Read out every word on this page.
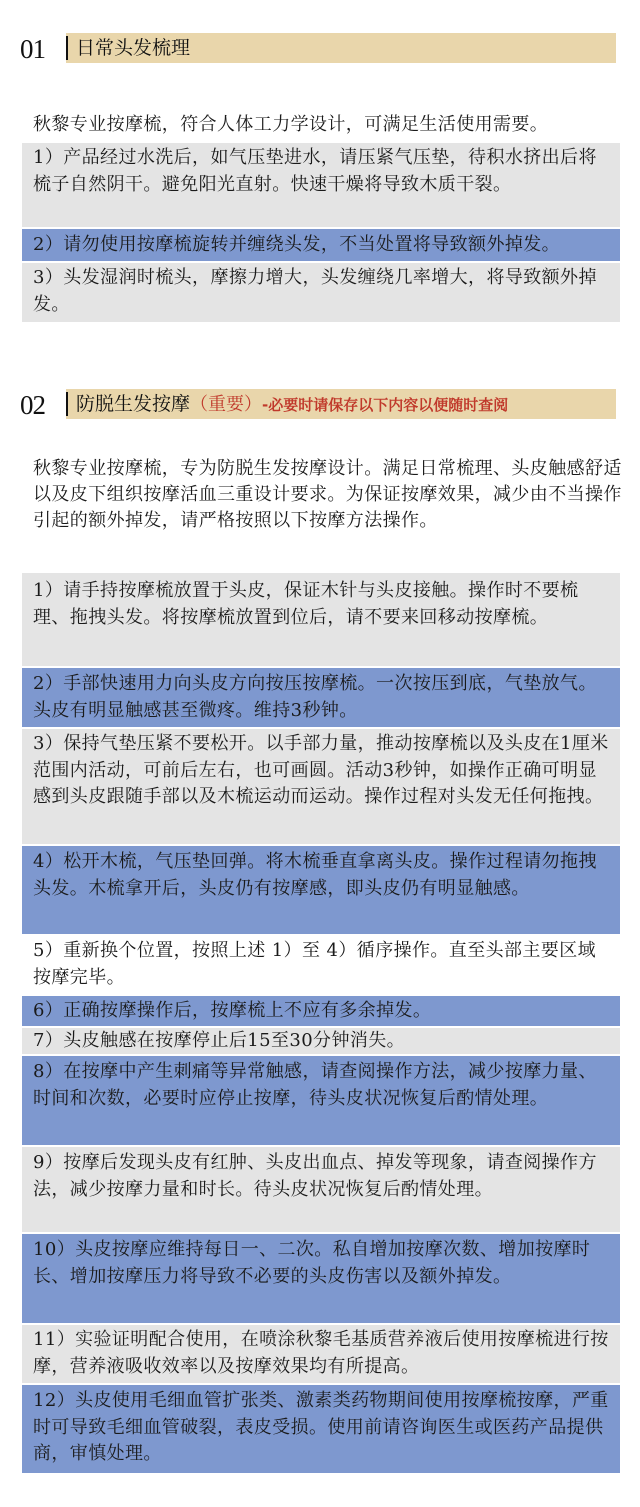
01 日常头发梳理
秋黎专业按摩梳，符合人体工力学设计，可满足生活使用需要。
1）产品经过水洗后，如气压垫进水，请压紧气压垫，待积水挤出后将梳子自然阴干。避免阳光直射。快速干燥将导致木质干裂。
2）请勿使用按摩梳旋转并缠绕头发，不当处置将导致额外掉发。
3）头发湿润时梳头，摩擦力增大，头发缠绕几率增大，将导致额外掉发。
02 防脱生发按摩（重要）-必要时请保存以下内容以便随时查阅
秋黎专业按摩梳，专为防脱生发按摩设计。满足日常梳理、头皮触感舒适以及皮下组织按摩活血三重设计要求。为保证按摩效果，减少由不当操作引起的额外掉发，请严格按照以下按摩方法操作。
1）请手持按摩梳放置于头皮，保证木针与头皮接触。操作时不要梳理、拖拽头发。将按摩梳放置到位后，请不要来回移动按摩梳。
2）手部快速用力向头皮方向按压按摩梳。一次按压到底，气垫放气。头皮有明显触感甚至微疼。维持3秒钟。
3）保持气垫压紧不要松开。以手部力量，推动按摩梳以及头皮在1厘米范围内活动，可前后左右，也可画圆。活动3秒钟，如操作正确可明显感到头皮跟随手部以及木梳运动而运动。操作过程对头发无任何拖拽。
4）松开木梳，气压垫回弹。将木梳垂直拿离头皮。操作过程请勿拖拽头发。木梳拿开后，头皮仍有按摩感，即头皮仍有明显触感。
5）重新换个位置，按照上述 1）至 4）循序操作。直至头部主要区域按摩完毕。
6）正确按摩操作后，按摩梳上不应有多余掉发。
7）头皮触感在按摩停止后15至30分钟消失。
8）在按摩中产生刺痛等异常触感，请查阅操作方法，减少按摩力量、时间和次数，必要时应停止按摩，待头皮状况恢复后酌情处理。
9）按摩后发现头皮有红肿、头皮出血点、掉发等现象，请查阅操作方法，减少按摩力量和时长。待头皮状况恢复后酌情处理。
10）头皮按摩应维持每日一、二次。私自增加按摩次数、增加按摩时长、增加按摩压力将导致不必要的头皮伤害以及额外掉发。
11）实验证明配合使用，在喷涂秋黎毛基质营养液后使用按摩梳进行按摩，营养液吸收效率以及按摩效果均有所提高。
12）头皮使用毛细血管扩张类、激素类药物期间使用按摩梳按摩，严重时可导致毛细血管破裂，表皮受损。使用前请咨询医生或医药产品提供商，审慎处理。
